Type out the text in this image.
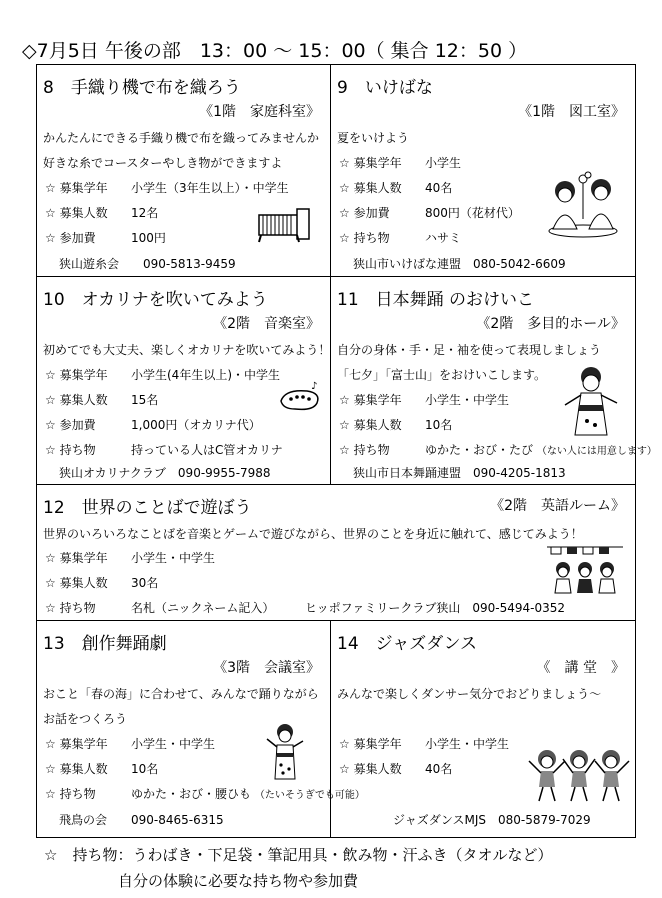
◇7月5日 午後の部　13：00 ～ 15：00（ 集合 12：50 ）
8　手織り機で布を織ろう
《1階　家庭科室》
かんたんにできる手織り機で布を織ってみませんか
好きな糸でコースターやしき物ができますよ
☆ 募集学年 小学生（3年生以上）・中学生
☆ 募集人数 12名
☆ 参加費	100円
狭山遊糸会　　090-5813-9459
9　いけばな
《1階　図工室》
夏をいけよう
☆ 募集学年 小学生
☆ 募集人数 40名
☆ 参加費	800円（花材代）
☆ 持ち物	ハサミ
狭山市いけばな連盟　080-5042-6609
10　オカリナを吹いてみよう
《2階　音楽室》
初めてでも大丈夫、楽しくオカリナを吹いてみよう！
☆ 募集学年 小学生(4年生以上)・中学生
☆ 募集人数 15名
☆ 参加費	1,000円（オカリナ代）
☆ 持ち物	持っている人はC管オカリナ
狭山オカリナクラブ　090-9955-7988
♪
11　日本舞踊 のおけいこ
《2階　多目的ホール》
自分の身体・手・足・袖を使って表現しましょう
「七夕」「富士山」をおけいこします。
☆ 募集学年 小学生・中学生
☆ 募集人数 10名
☆ 持ち物	ゆかた・おび・たび （ない人には用意します）
狭山市日本舞踊連盟　090-4205-1813
12　世界のことばで遊ぼう	《2階　英語ルーム》
世界のいろいろなことばを音楽とゲームで遊びながら、世界のことを身近に触れて、感じてみよう！
☆ 募集学年 小学生・中学生
☆ 募集人数 30名
☆ 持ち物	名札（ニックネーム記入）	ヒッポファミリークラブ狭山　090-5494-0352
13　創作舞踊劇
《3階　会議室》
おこと「春の海」に合わせて、みんなで踊りながら
お話をつくろう
☆ 募集学年 小学生・中学生
☆ 募集人数 10名
☆ 持ち物	ゆかた・おび・腰ひも （たいそうぎでも可能）
飛鳥の会　　090-8465-6315
14　ジャズダンス
《　講 堂　》
みんなで楽しくダンサー気分でおどりましょう～
☆ 募集学年 小学生・中学生
☆ 募集人数 40名
ジャズダンスMJS　080-5879-7029
☆　持ち物：うわばき・下足袋・筆記用具・飲み物・汗ふき（タオルなど）
自分の体験に必要な持ち物や参加費
